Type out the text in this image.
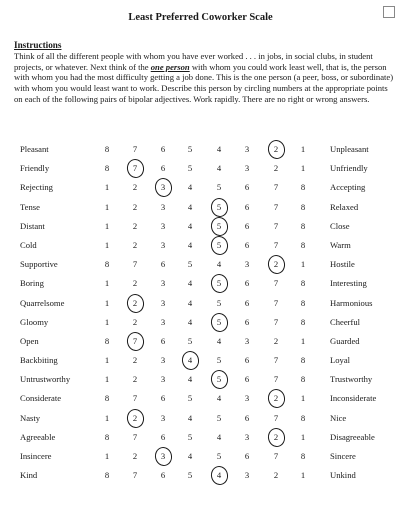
Least Preferred Coworker Scale
Instructions

Think of all the different people with whom you have ever worked . . . in jobs, in social clubs, in student projects, or whatever. Next think of the one person with whom you could work least well, that is, the person with whom you had the most difficulty getting a job done. This is the one person (a peer, boss, or subordinate) with whom you would least want to work. Describe this person by circling numbers at the appropriate points on each of the following pairs of bipolar adjectives. Work rapidly. There are no right or wrong answers.

Pleasant	8	7	6	5	4	3	2	1	Unpleasant
Friendly	8	7	6	5	4	3	2	1	Unfriendly
Rejecting	1	2	3	4	5	6	7	8	Accepting
Tense	1	2	3	4	5	6	7	8	Relaxed
Distant	1	2	3	4	5	6	7	8	Close
Cold	1	2	3	4	5	6	7	8	Warm
Supportive	8	7	6	5	4	3	2	1	Hostile
Boring	1	2	3	4	5	6	7	8	Interesting
Quarrelsome	1	2	3	4	5	6	7	8	Harmonious
Gloomy	1	2	3	4	5	6	7	8	Cheerful
Open	8	7	6	5	4	3	2	1	Guarded
Backbiting	1	2	3	4	5	6	7	8	Loyal
Untrustworthy	1	2	3	4	5	6	7	8	Trustworthy
Considerate	8	7	6	5	4	3	2	1	Inconsiderate
Nasty	1	2	3	4	5	6	7	8	Nice
Agreeable	8	7	6	5	4	3	2	1	Disagreeable
Insincere	1	2	3	4	5	6	7	8	Sincere
Kind	8	7	6	5	4	3	2	1	Unkind
